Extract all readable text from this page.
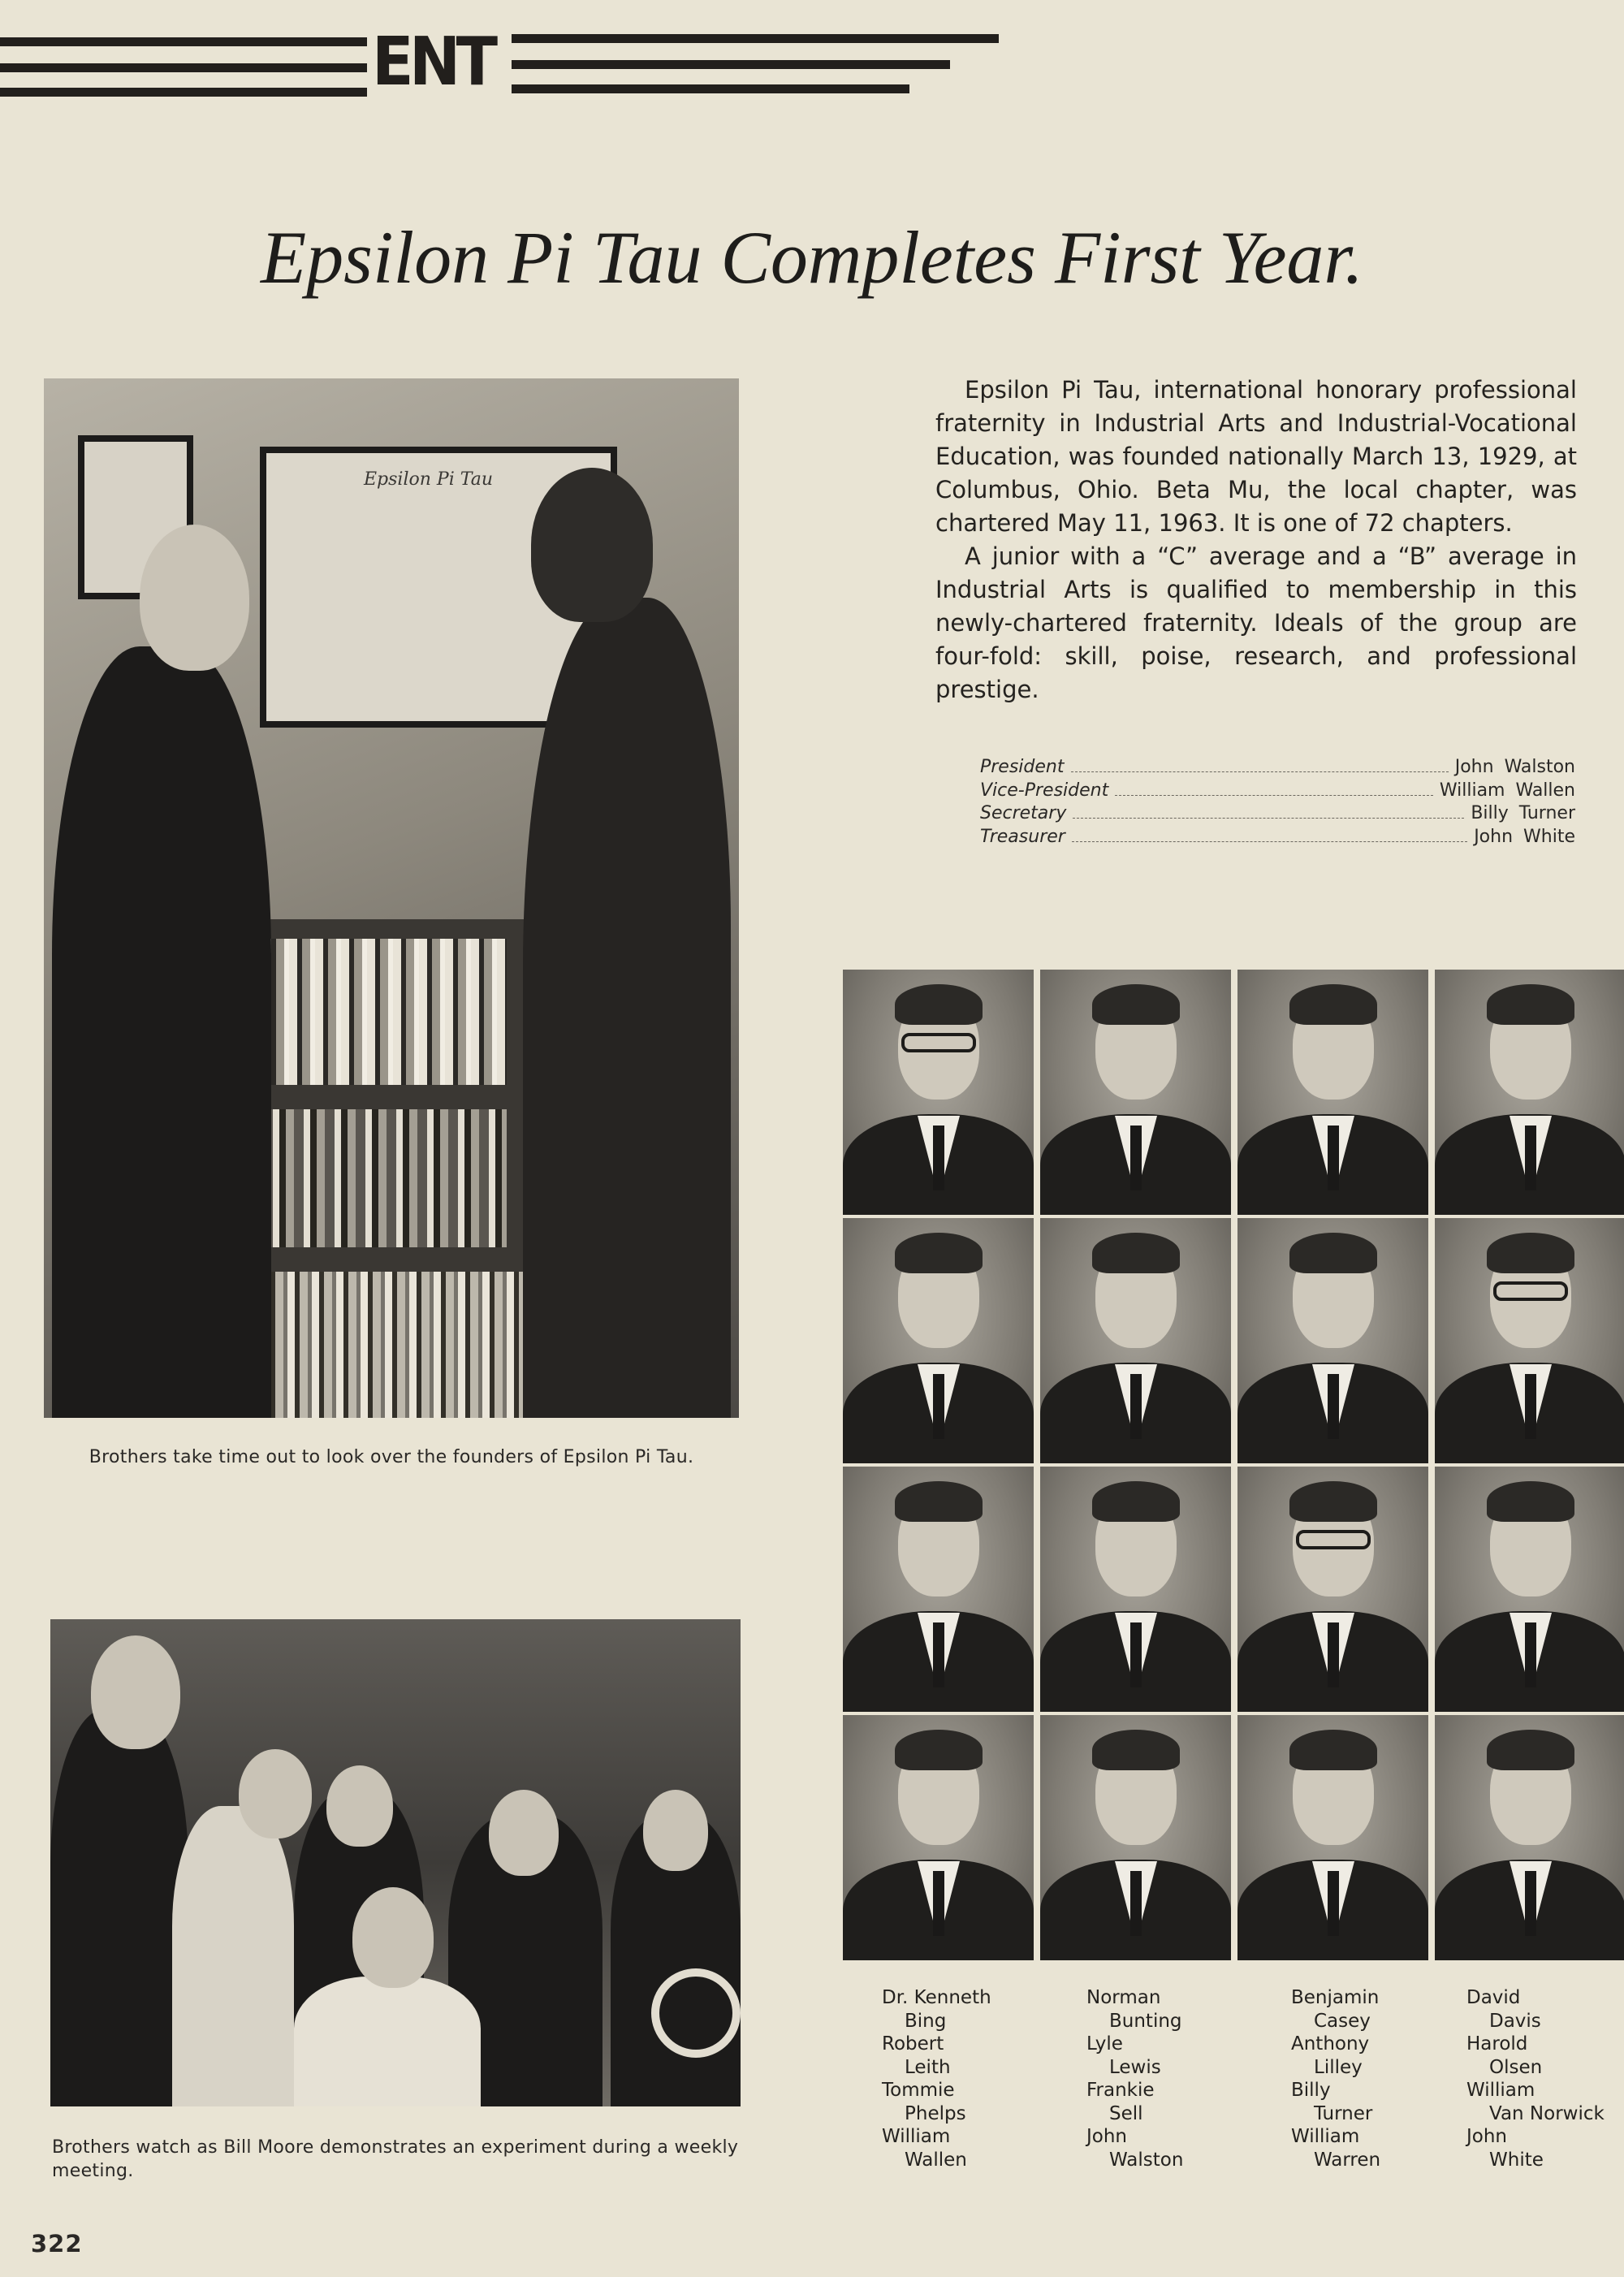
ENT
Epsilon Pi Tau Completes First Year.
Epsilon Pi Tau

Brothers take time out to look over the founders of Epsilon Pi Tau.

Brothers watch as Bill Moore demonstrates an experiment during a weekly meeting.

Epsilon Pi Tau, international honorary professional fraternity in Industrial Arts and Industrial-Vocational Education, was founded nationally March 13, 1929, at Columbus, Ohio. Beta Mu, the local chapter, was chartered May 11, 1963. It is one of 72 chapters.

A junior with a “C” average and a “B” average in Industrial Arts is qualified to membership in this newly-chartered fraternity. Ideals of the group are four-fold: skill, poise, research, and professional prestige.

President	John Walston
Vice-President	William Wallen
Secretary	Billy Turner
Treasurer	John White

Dr. Kenneth
Bing

Robert
Leith

Tommie
Phelps

William
Wallen

Norman
Bunting

Lyle
Lewis

Frankie
Sell

John
Walston

Benjamin
Casey

Anthony
Lilley

Billy
Turner

William
Warren

David
Davis

Harold
Olsen

William
Van Norwick

John
White

322
